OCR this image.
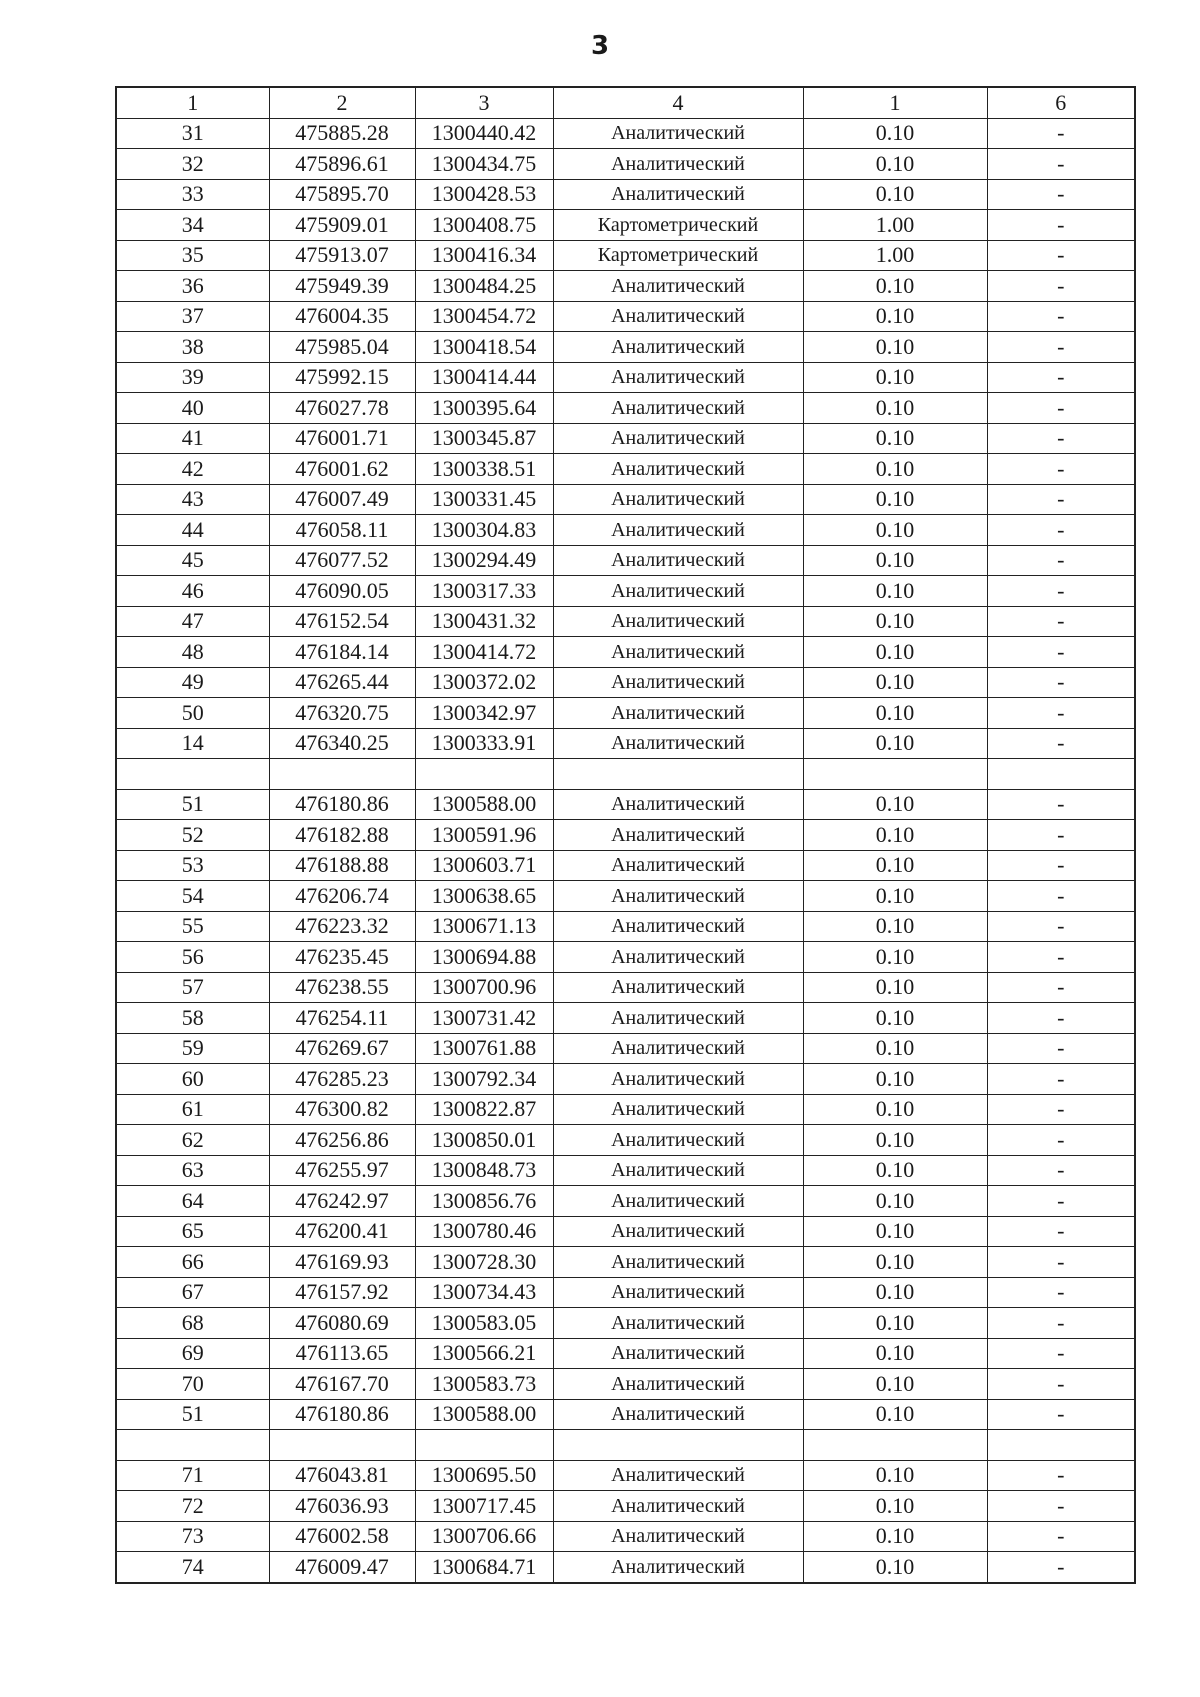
3
1	2	3	4	1	6
31	475885.28	1300440.42	Аналитический	0.10	-
32	475896.61	1300434.75	Аналитический	0.10	-
33	475895.70	1300428.53	Аналитический	0.10	-
34	475909.01	1300408.75	Картометрический	1.00	-
35	475913.07	1300416.34	Картометрический	1.00	-
36	475949.39	1300484.25	Аналитический	0.10	-
37	476004.35	1300454.72	Аналитический	0.10	-
38	475985.04	1300418.54	Аналитический	0.10	-
39	475992.15	1300414.44	Аналитический	0.10	-
40	476027.78	1300395.64	Аналитический	0.10	-
41	476001.71	1300345.87	Аналитический	0.10	-
42	476001.62	1300338.51	Аналитический	0.10	-
43	476007.49	1300331.45	Аналитический	0.10	-
44	476058.11	1300304.83	Аналитический	0.10	-
45	476077.52	1300294.49	Аналитический	0.10	-
46	476090.05	1300317.33	Аналитический	0.10	-
47	476152.54	1300431.32	Аналитический	0.10	-
48	476184.14	1300414.72	Аналитический	0.10	-
49	476265.44	1300372.02	Аналитический	0.10	-
50	476320.75	1300342.97	Аналитический	0.10	-
14	476340.25	1300333.91	Аналитический	0.10	-

51	476180.86	1300588.00	Аналитический	0.10	-
52	476182.88	1300591.96	Аналитический	0.10	-
53	476188.88	1300603.71	Аналитический	0.10	-
54	476206.74	1300638.65	Аналитический	0.10	-
55	476223.32	1300671.13	Аналитический	0.10	-
56	476235.45	1300694.88	Аналитический	0.10	-
57	476238.55	1300700.96	Аналитический	0.10	-
58	476254.11	1300731.42	Аналитический	0.10	-
59	476269.67	1300761.88	Аналитический	0.10	-
60	476285.23	1300792.34	Аналитический	0.10	-
61	476300.82	1300822.87	Аналитический	0.10	-
62	476256.86	1300850.01	Аналитический	0.10	-
63	476255.97	1300848.73	Аналитический	0.10	-
64	476242.97	1300856.76	Аналитический	0.10	-
65	476200.41	1300780.46	Аналитический	0.10	-
66	476169.93	1300728.30	Аналитический	0.10	-
67	476157.92	1300734.43	Аналитический	0.10	-
68	476080.69	1300583.05	Аналитический	0.10	-
69	476113.65	1300566.21	Аналитический	0.10	-
70	476167.70	1300583.73	Аналитический	0.10	-
51	476180.86	1300588.00	Аналитический	0.10	-

71	476043.81	1300695.50	Аналитический	0.10	-
72	476036.93	1300717.45	Аналитический	0.10	-
73	476002.58	1300706.66	Аналитический	0.10	-
74	476009.47	1300684.71	Аналитический	0.10	-
